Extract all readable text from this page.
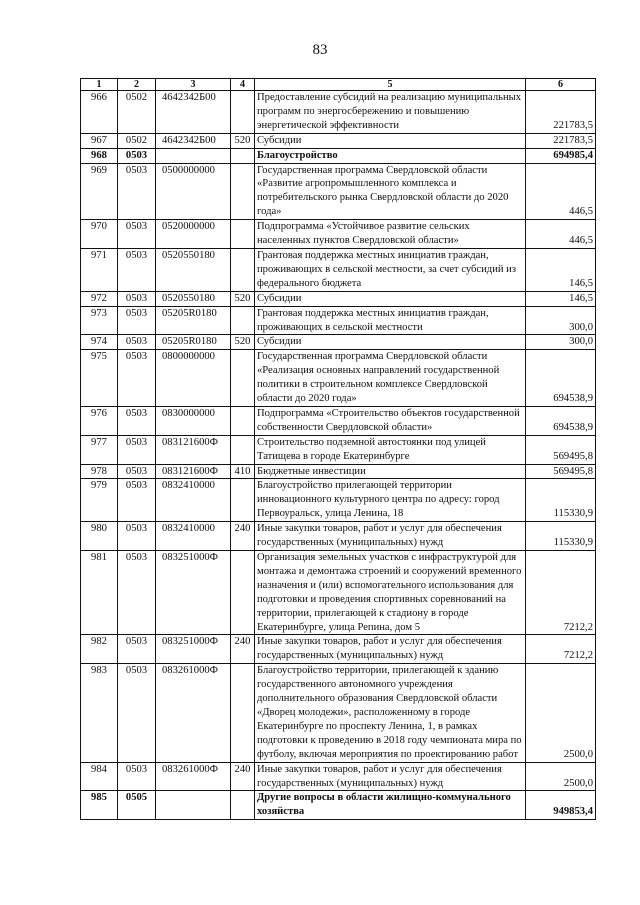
83
1	2	3	4	5	6
966	0502	4642342Б00		Предоставление субсидий на реализацию муниципальных программ по энергосбережению и повышению энергетической эффективности	221783,5
967	0502	4642342Б00	520	Субсидии	221783,5
968	0503			Благоустройство	694985,4
969	0503	0500000000		Государственная программа Свердловской области «Развитие агропромышленного комплекса и потребительского рынка Свердловской области до 2020 года»	446,5
970	0503	0520000000		Подпрограмма «Устойчивое развитие сельских населенных пунктов Свердловской области»	446,5
971	0503	0520550180		Грантовая поддержка местных инициатив граждан, проживающих в сельской местности, за счет субсидий из федерального бюджета	146,5
972	0503	0520550180	520	Субсидии	146,5
973	0503	05205R0180		Грантовая поддержка местных инициатив граждан, проживающих в сельской местности	300,0
974	0503	05205R0180	520	Субсидии	300,0
975	0503	0800000000		Государственная программа Свердловской области «Реализация основных направлений государственной политики в строительном комплексе Свердловской области до 2020 года»	694538,9
976	0503	0830000000		Подпрограмма «Строительство объектов государственной собственности Свердловской области»	694538,9
977	0503	083121600Ф		Строительство подземной автостоянки под улицей Татищева в городе Екатеринбурге	569495,8
978	0503	083121600Ф	410	Бюджетные инвестиции	569495,8
979	0503	0832410000		Благоустройство прилегающей территории инновационного культурного центра по адресу: город Первоуральск, улица Ленина, 18	115330,9
980	0503	0832410000	240	Иные закупки товаров, работ и услуг для обеспечения государственных (муниципальных) нужд	115330,9
981	0503	083251000Ф		Организация земельных участков с инфраструктурой для монтажа и демонтажа строений и сооружений временного назначения и (или) вспомогательного использования для подготовки и проведения спортивных соревнований на территории, прилегающей к стадиону в городе Екатеринбурге, улица Репина, дом 5	7212,2
982	0503	083251000Ф	240	Иные закупки товаров, работ и услуг для обеспечения государственных (муниципальных) нужд	7212,2
983	0503	083261000Ф		Благоустройство территории, прилегающей к зданию государственного автономного учреждения дополнительного образования Свердловской области «Дворец молодежи», расположенному в городе Екатеринбурге по проспекту Ленина, 1, в рамках подготовки к проведению в 2018 году чемпионата мира по футболу, включая мероприятия по проектированию работ	2500,0
984	0503	083261000Ф	240	Иные закупки товаров, работ и услуг для обеспечения государственных (муниципальных) нужд	2500,0
985	0505			Другие вопросы в области жилищно-коммунального хозяйства	949853,4
